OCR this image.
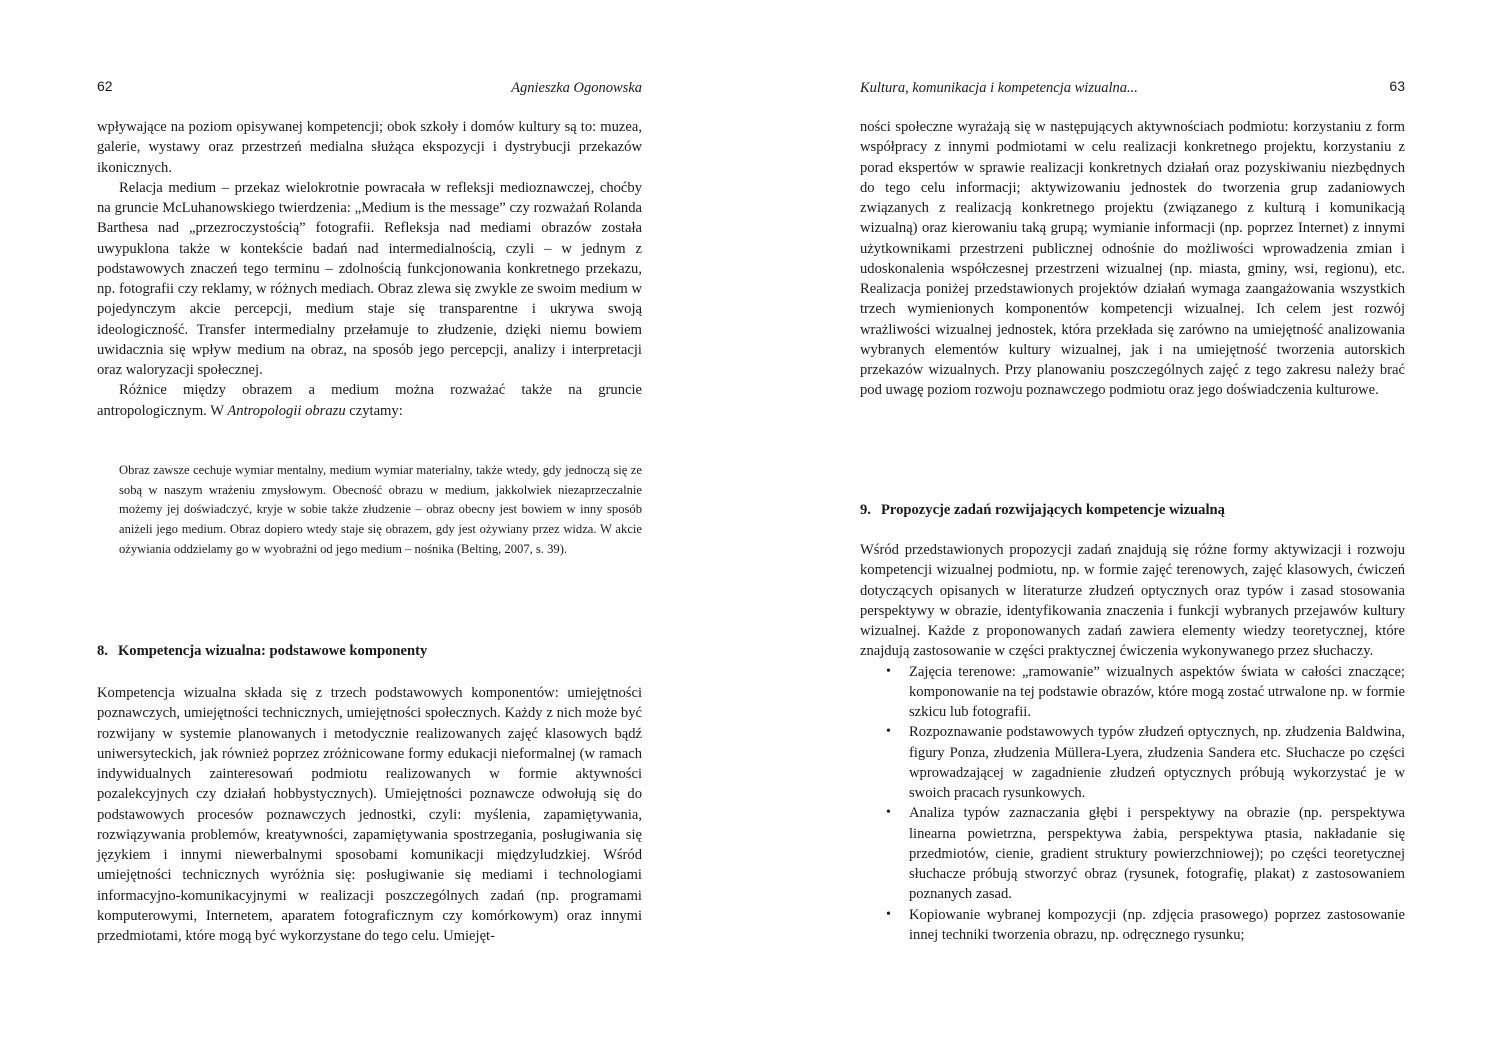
62	Agnieszka Ogonowska

wpływające na poziom opisywanej kompetencji; obok szkoły i domów kultury są to: muzea, galerie, wystawy oraz przestrzeń medialna służąca ekspozycji i dystrybucji przekazów ikonicznych.

Relacja medium – przekaz wielokrotnie powracała w refleksji medioznawczej, choćby na gruncie McLuhanowskiego twierdzenia: „Medium is the message” czy rozważań Rolanda Barthesa nad „przezroczystością” fotografii. Refleksja nad mediami obrazów została uwypuklona także w kontekście badań nad intermedialnością, czyli – w jednym z podstawowych znaczeń tego terminu – zdolnością funkcjonowania konkretnego przekazu, np. fotografii czy reklamy, w różnych mediach. Obraz zlewa się zwykle ze swoim medium w pojedynczym akcie percepcji, medium staje się transparentne i ukrywa swoją ideologiczność. Transfer intermedialny przełamuje to złudzenie, dzięki niemu bowiem uwidacznia się wpływ medium na obraz, na sposób jego percepcji, analizy i interpretacji oraz waloryzacji społecznej.

Różnice między obrazem a medium można rozważać także na gruncie antropologicznym. W Antropologii obrazu czytamy:

Obraz zawsze cechuje wymiar mentalny, medium wymiar materialny, także wtedy, gdy jednoczą się ze sobą w naszym wrażeniu zmysłowym. Obecność obrazu w medium, jakkolwiek niezaprzeczalnie możemy jej doświadczyć, kryje w sobie także złudzenie – obraz obecny jest bowiem w inny sposób aniżeli jego medium. Obraz dopiero wtedy staje się obrazem, gdy jest ożywiany przez widza. W akcie ożywiania oddzielamy go w wyobraźni od jego medium – nośnika (Belting, 2007, s. 39).

8. Kompetencja wizualna: podstawowe komponenty

Kompetencja wizualna składa się z trzech podstawowych komponentów: umiejętności poznawczych, umiejętności technicznych, umiejętności społecznych. Każdy z nich może być rozwijany w systemie planowanych i metodycznie realizowanych zajęć klasowych bądź uniwersyteckich, jak również poprzez zróżnicowane formy edukacji nieformalnej (w ramach indywidualnych zainteresowań podmiotu realizowanych w formie aktywności pozalekcyjnych czy działań hobbystycznych). Umiejętności poznawcze odwołują się do podstawowych procesów poznawczych jednostki, czyli: myślenia, zapamiętywania, rozwiązywania problemów, kreatywności, zapamiętywania spostrzegania, posługiwania się językiem i innymi niewerbalnymi sposobami komunikacji międzyludzkiej. Wśród umiejętności technicznych wyróżnia się: posługiwanie się mediami i technologiami informacyjno-komunikacyjnymi w realizacji poszczególnych zadań (np. programami komputerowymi, Internetem, aparatem fotograficznym czy komórkowym) oraz innymi przedmiotami, które mogą być wykorzystane do tego celu. Umiejęt-

Kultura, komunikacja i kompetencja wizualna...	63

ności społeczne wyrażają się w następujących aktywnościach podmiotu: korzystaniu z form współpracy z innymi podmiotami w celu realizacji konkretnego projektu, korzystaniu z porad ekspertów w sprawie realizacji konkretnych działań oraz pozyskiwaniu niezbędnych do tego celu informacji; aktywizowaniu jednostek do tworzenia grup zadaniowych związanych z realizacją konkretnego projektu (związanego z kulturą i komunikacją wizualną) oraz kierowaniu taką grupą; wymianie informacji (np. poprzez Internet) z innymi użytkownikami przestrzeni publicznej odnośnie do możliwości wprowadzenia zmian i udoskonalenia współczesnej przestrzeni wizualnej (np. miasta, gminy, wsi, regionu), etc. Realizacja poniżej przedstawionych projektów działań wymaga zaangażowania wszystkich trzech wymienionych komponentów kompetencji wizualnej. Ich celem jest rozwój wrażliwości wizualnej jednostek, która przekłada się zarówno na umiejętność analizowania wybranych elementów kultury wizualnej, jak i na umiejętność tworzenia autorskich przekazów wizualnych. Przy planowaniu poszczególnych zajęć z tego zakresu należy brać pod uwagę poziom rozwoju poznawczego podmiotu oraz jego doświadczenia kulturowe.

9. Propozycje zadań rozwijających kompetencje wizualną

Wśród przedstawionych propozycji zadań znajdują się różne formy aktywizacji i rozwoju kompetencji wizualnej podmiotu, np. w formie zajęć terenowych, zajęć klasowych, ćwiczeń dotyczących opisanych w literaturze złudzeń optycznych oraz typów i zasad stosowania perspektywy w obrazie, identyfikowania znaczenia i funkcji wybranych przejawów kultury wizualnej. Każde z proponowanych zadań zawiera elementy wiedzy teoretycznej, które znajdują zastosowanie w części praktycznej ćwiczenia wykonywanego przez słuchaczy.

• Zajęcia terenowe: „ramowanie” wizualnych aspektów świata w całości znaczące; komponowanie na tej podstawie obrazów, które mogą zostać utrwalone np. w formie szkicu lub fotografii.
• Rozpoznawanie podstawowych typów złudzeń optycznych, np. złudzenia Baldwina, figury Ponza, złudzenia Müllera-Lyera, złudzenia Sandera etc. Słuchacze po części wprowadzającej w zagadnienie złudzeń optycznych próbują wykorzystać je w swoich pracach rysunkowych.
• Analiza typów zaznaczania głębi i perspektywy na obrazie (np. perspektywa linearna powietrzna, perspektywa żabia, perspektywa ptasia, nakładanie się przedmiotów, cienie, gradient struktury powierzchniowej); po części teoretycznej słuchacze próbują stworzyć obraz (rysunek, fotografię, plakat) z zastosowaniem poznanych zasad.
• Kopiowanie wybranej kompozycji (np. zdjęcia prasowego) poprzez zastosowanie innej techniki tworzenia obrazu, np. odręcznego rysunku;
